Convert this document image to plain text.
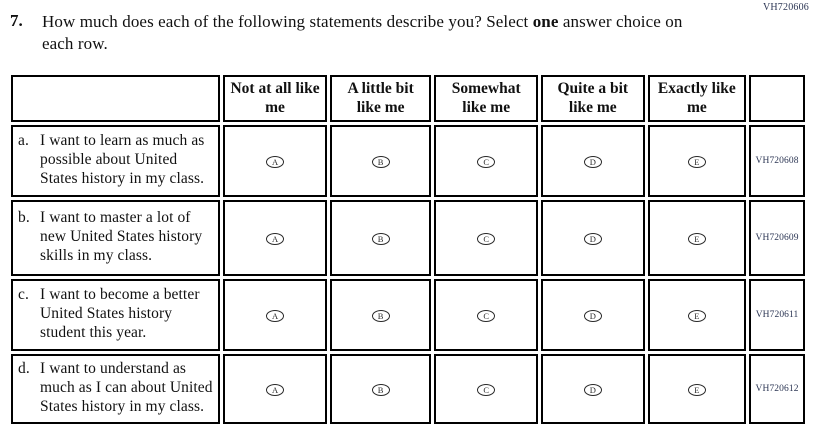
VH720606
7.	How much does each of the following statements describe you? Select one answer choice on each row.
	Not at all like me	A little bit like me	Somewhat like me	Quite a bit like me	Exactly like me	

a. I want to learn as much as possible about United States history in my class.	A	B	C	D	E	VH720608

b. I want to master a lot of new United States history skills in my class.	A	B	C	D	E	VH720609

c. I want to become a better United States history student this year.	A	B	C	D	E	VH720611

d. I want to understand as much as I can about United States history in my class.	A	B	C	D	E	VH720612
